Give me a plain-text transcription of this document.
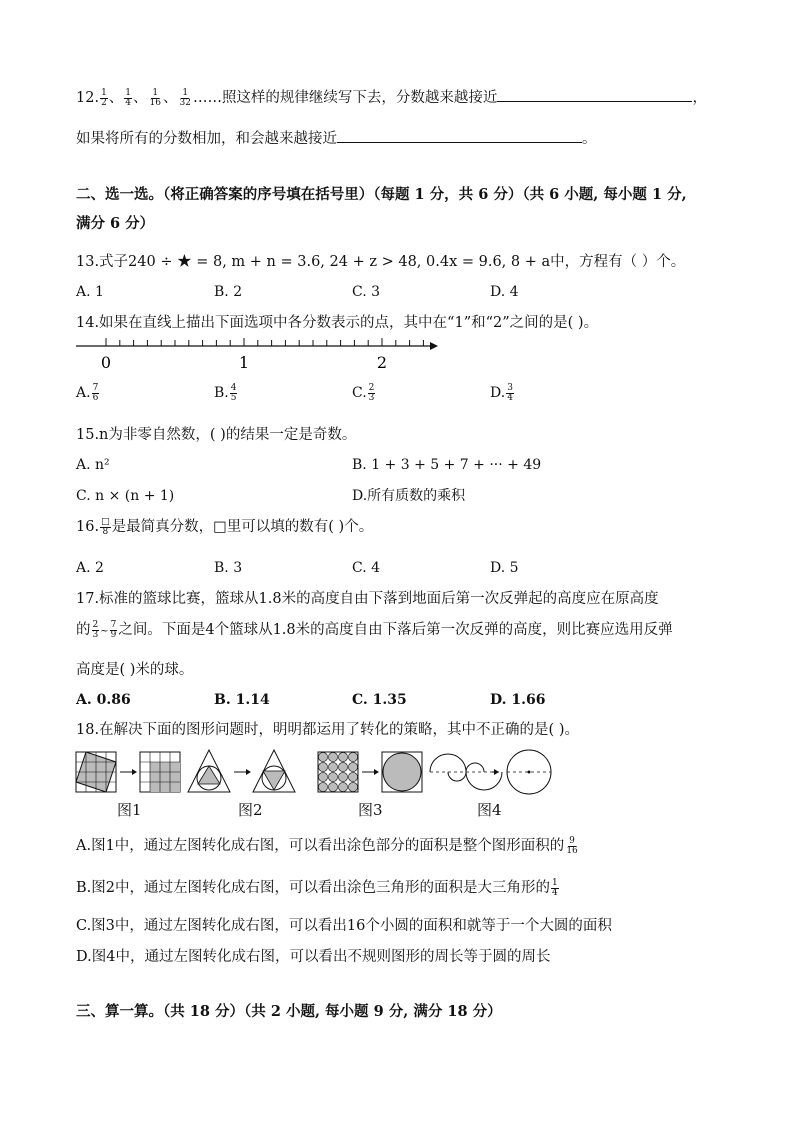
12. $\frac{1}{2}$ 、 $\frac{1}{4}$ 、 $\frac{1}{16}$ 、 $\frac{1}{32}$ ……照这样的规律继续写下去，分数越来越接近	，
如果将所有的分数相加，和会越来越接近	。
二、选一选。（将正确答案的序号填在括号里）（每题 1 分，共 6 分）（共 6 小题, 每小题 1 分,
满分 6 分）
13.式子240 ÷ ★ = 8, m + n = 3.6, 24 + z > 48, 0.4x = 9.6, 8 + a中，方程有（ ）个。
A. 1	B. 2	C. 3	D. 4
14.如果在直线上描出下面选项中各分数表示的点，其中在“1”和“2”之间的是( )。
0	1	2
A. $\frac{7}{6}$	B. $\frac{4}{5}$	C. $\frac{2}{3}$	D. $\frac{3}{4}$
15.n为非零自然数，( )的结果一定是奇数。
A. n²	B. 1 + 3 + 5 + 7 + ··· + 49
C. n × (n + 1)	D.所有质数的乘积
16. $\frac{□}{8}$ 是最简真分数，□里可以填的数有( )个。
A. 2	B. 3	C. 4	D. 5
17.标准的篮球比赛，篮球从1.8米的高度自由下落到地面后第一次反弹起的高度应在原高度
的 $\frac{2}{3}$ ~ $\frac{7}{9}$ 之间。下面是4个篮球从1.8米的高度自由下落后第一次反弹的高度，则比赛应选用反弹
高度是( )米的球。
A. 0.86	B. 1.14	C. 1.35	D. 1.66
18.在解决下面的图形问题时，明明都运用了转化的策略，其中不正确的是( )。
图1	图2	图3	图4
A.图1中，通过左图转化成右图，可以看出涂色部分的面积是整个图形面积的 $\frac{9}{16}$
B.图2中，通过左图转化成右图，可以看出涂色三角形的面积是大三角形的 $\frac{1}{4}$
C.图3中，通过左图转化成右图，可以看出16个小圆的面积和就等于一个大圆的面积
D.图4中，通过左图转化成右图，可以看出不规则图形的周长等于圆的周长
三、算一算。（共 18 分）（共 2 小题, 每小题 9 分, 满分 18 分）
